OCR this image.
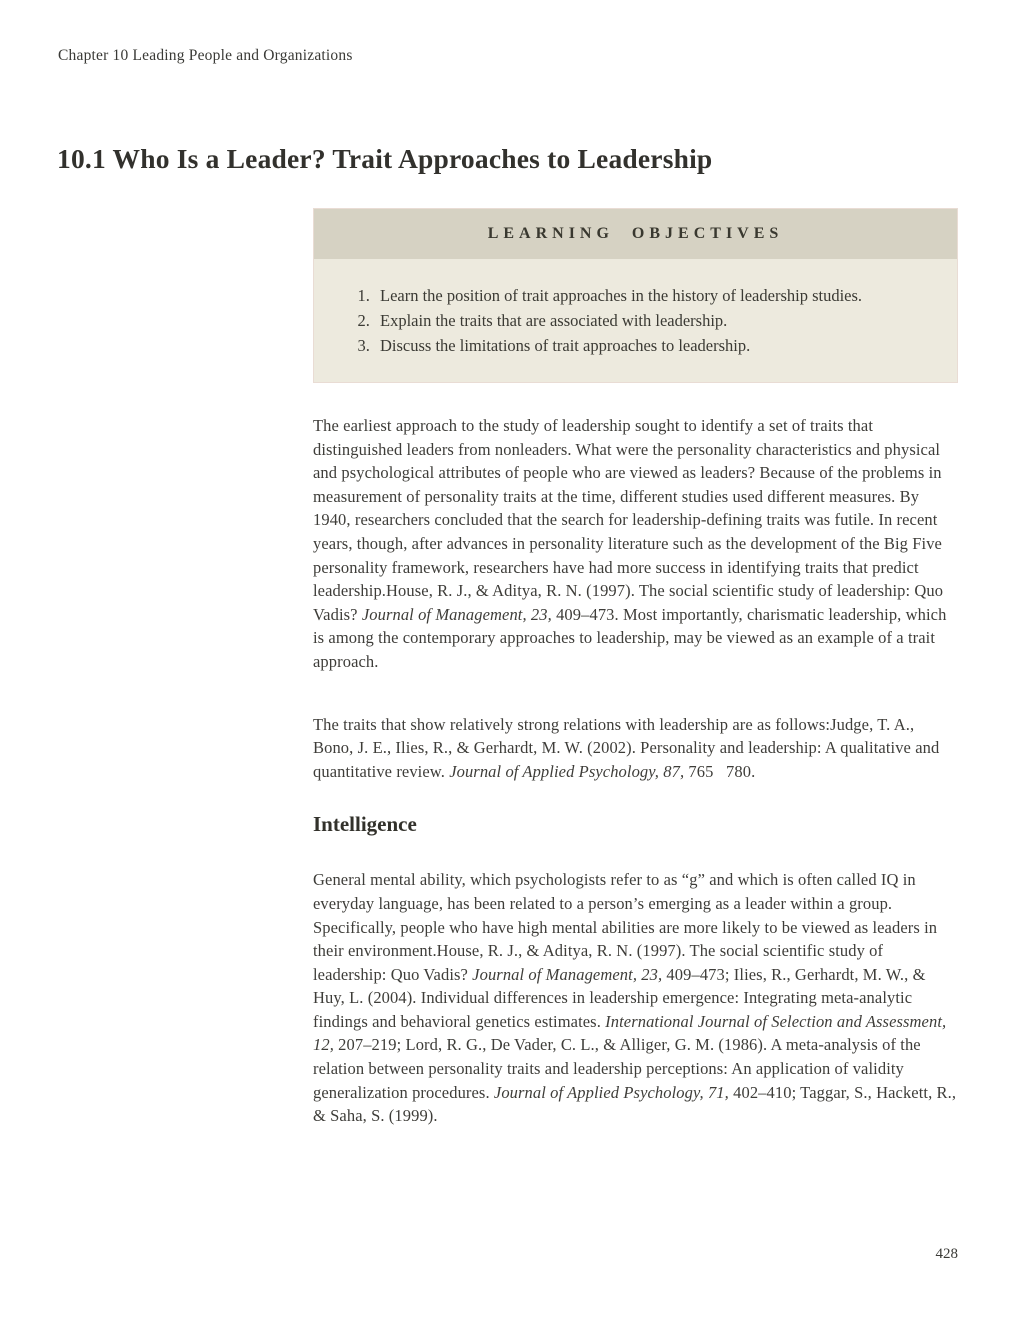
Chapter 10 Leading People and Organizations
10.1 Who Is a Leader? Trait Approaches to Leadership
LEARNING OBJECTIVES
1. Learn the position of trait approaches in the history of leadership studies.
2. Explain the traits that are associated with leadership.
3. Discuss the limitations of trait approaches to leadership.

The earliest approach to the study of leadership sought to identify a set of traits that distinguished leaders from nonleaders. What were the personality characteristics and physical and psychological attributes of people who are viewed as leaders? Because of the problems in measurement of personality traits at the time, different studies used different measures. By 1940, researchers concluded that the search for leadership-defining traits was futile. In recent years, though, after advances in personality literature such as the development of the Big Five personality framework, researchers have had more success in identifying traits that predict leadership.House, R. J., & Aditya, R. N. (1997). The social scientific study of leadership: Quo Vadis? Journal of Management, 23, 409–473. Most importantly, charismatic leadership, which is among the contemporary approaches to leadership, may be viewed as an example of a trait approach.

The traits that show relatively strong relations with leadership are as follows:Judge, T. A., Bono, J. E., Ilies, R., & Gerhardt, M. W. (2002). Personality and leadership: A qualitative and quantitative review. Journal of Applied Psychology, 87, 765  780.

Intelligence

General mental ability, which psychologists refer to as “g” and which is often called IQ in everyday language, has been related to a person’s emerging as a leader within a group. Specifically, people who have high mental abilities are more likely to be viewed as leaders in their environment.House, R. J., & Aditya, R. N. (1997). The social scientific study of leadership: Quo Vadis? Journal of Management, 23, 409–473; Ilies, R., Gerhardt, M. W., & Huy, L. (2004). Individual differences in leadership emergence: Integrating meta-analytic findings and behavioral genetics estimates. International Journal of Selection and Assessment, 12, 207–219; Lord, R. G., De Vader, C. L., & Alliger, G. M. (1986). A meta-analysis of the relation between personality traits and leadership perceptions: An application of validity generalization procedures. Journal of Applied Psychology, 71, 402–410; Taggar, S., Hackett, R., & Saha, S. (1999).

428
